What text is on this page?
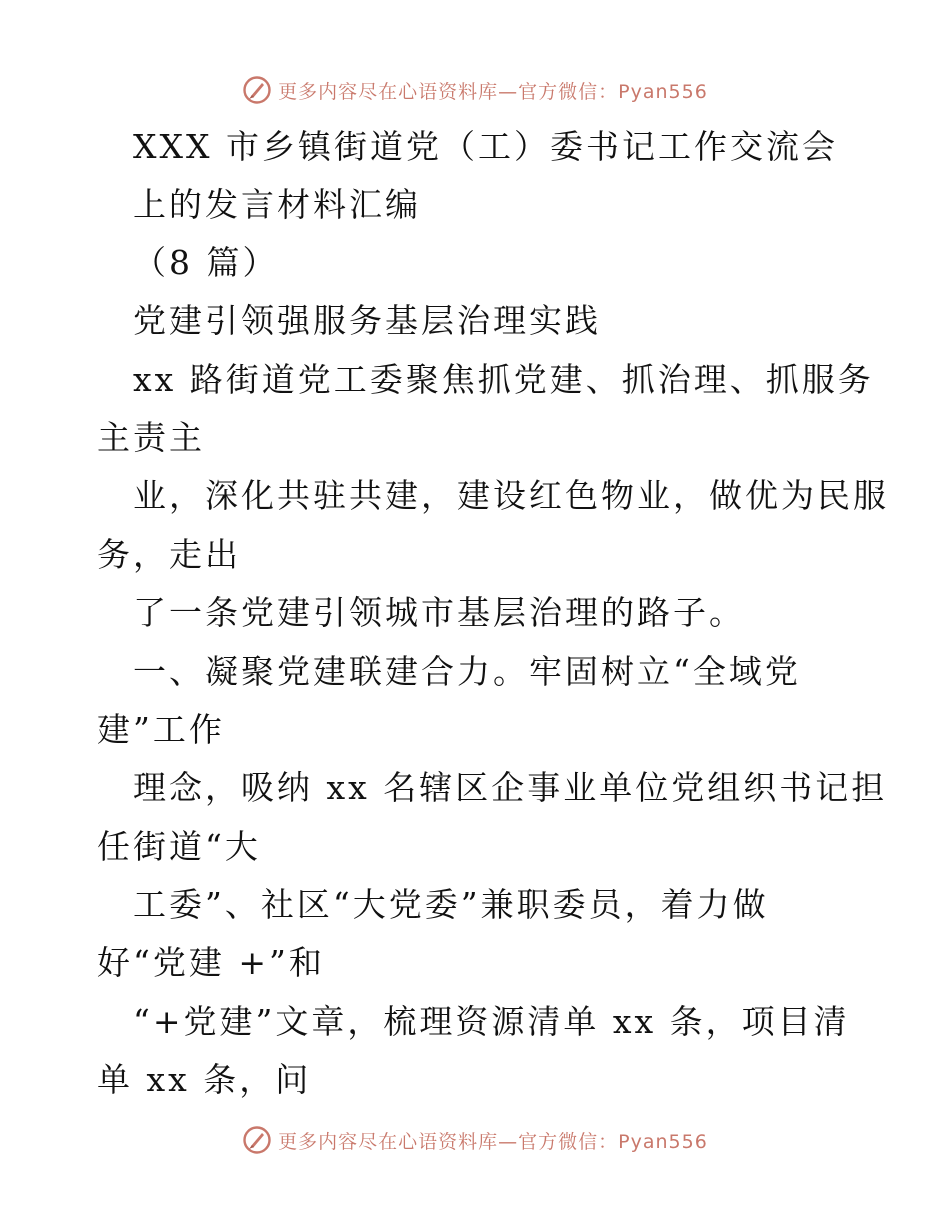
更多内容尽在心语资料库—官方微信：Pyan556
XXX 市乡镇街道党（工）委书记工作交流会
上的发言材料汇编
（8 篇）
党建引领强服务基层治理实践
xx 路街道党工委聚焦抓党建、抓治理、抓服务
主责主
业，深化共驻共建，建设红色物业，做优为民服
务，走出
了一条党建引领城市基层治理的路子。
一、凝聚党建联建合力。牢固树立“全域党
建”工作
理念，吸纳 xx 名辖区企事业单位党组织书记担
任街道“大
工委”、社区“大党委”兼职委员，着力做
好“党建 +”和
“+党建”文章，梳理资源清单 xx 条，项目清
单 xx 条，问
更多内容尽在心语资料库—官方微信：Pyan556
